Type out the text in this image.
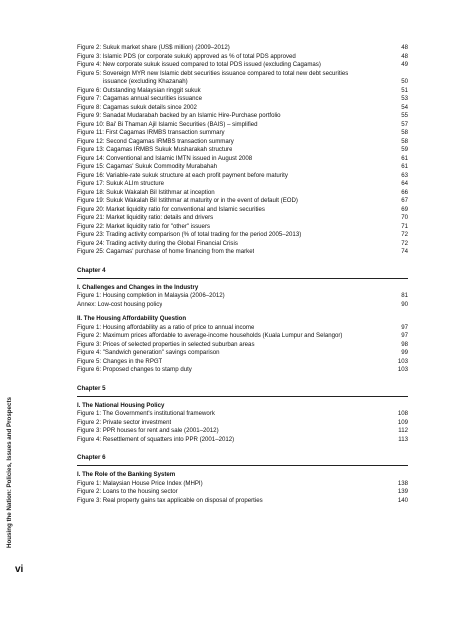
Housing the Nation: Policies, Issues and Prospects
vi
Figure 2: Sukuk market share (US$ million) (2009–2012)	48
Figure 3: Islamic PDS (or corporate sukuk) approved as % of total PDS approved	48
Figure 4: New corporate sukuk issued compared to total PDS issued (excluding Cagamas)	49
Figure 5: Sovereign MYR new Islamic debt securities issuance compared to total new debt securities
issuance (excluding Khazanah)	50
Figure 6: Outstanding Malaysian ringgit sukuk	51
Figure 7: Cagamas annual securities issuance	53
Figure 8: Cagamas sukuk details since 2002	54
Figure 9: Sanadat Mudarabah backed by an Islamic Hire-Purchase portfolio	55
Figure 10: Bai' Bi Thaman Ajil Islamic Securities (BAIS) – simplified	57
Figure 11: First Cagamas IRMBS transaction summary	58
Figure 12: Second Cagamas IRMBS transaction summary	58
Figure 13: Cagamas IRMBS Sukuk Musharakah structure	59
Figure 14: Conventional and Islamic IMTN issued in August 2008	61
Figure 15: Cagamas' Sukuk Commodity Murabahah	61
Figure 16: Variable-rate sukuk structure at each profit payment before maturity	63
Figure 17: Sukuk ALIm structure	64
Figure 18: Sukuk Wakalah Bil Istithmar at inception	66
Figure 19: Sukuk Wakalah Bil Istithmar at maturity or in the event of default (EOD)	67
Figure 20: Market liquidity ratio for conventional and Islamic securities	69
Figure 21: Market liquidity ratio: details and drivers	70
Figure 22: Market liquidity ratio for "other" issuers	71
Figure 23: Trading activity comparison (% of total trading for the period 2005–2013)	72
Figure 24: Trading activity during the Global Financial Crisis	72
Figure 25: Cagamas' purchase of home financing from the market	74
Chapter 4
I. Challenges and Changes in the Industry
Figure 1: Housing completion in Malaysia (2006–2012)	81
Annex: Low-cost housing policy	90
II. The Housing Affordability Question
Figure 1: Housing affordability as a ratio of price to annual income	97
Figure 2: Maximum prices affordable to average-income households (Kuala Lumpur and Selangor)	97
Figure 3: Prices of selected properties in selected suburban areas	98
Figure 4: "Sandwich generation" savings comparison	99
Figure 5: Changes in the RPGT	103
Figure 6: Proposed changes to stamp duty	103
Chapter 5
I. The National Housing Policy
Figure 1: The Government's institutional framework	108
Figure 2: Private sector investment	109
Figure 3: PPR houses for rent and sale (2001–2012)	112
Figure 4: Resettlement of squatters into PPR (2001–2012)	113
Chapter 6
I. The Role of the Banking System
Figure 1: Malaysian House Price Index (MHPI)	138
Figure 2: Loans to the housing sector	139
Figure 3: Real property gains tax applicable on disposal of properties	140
